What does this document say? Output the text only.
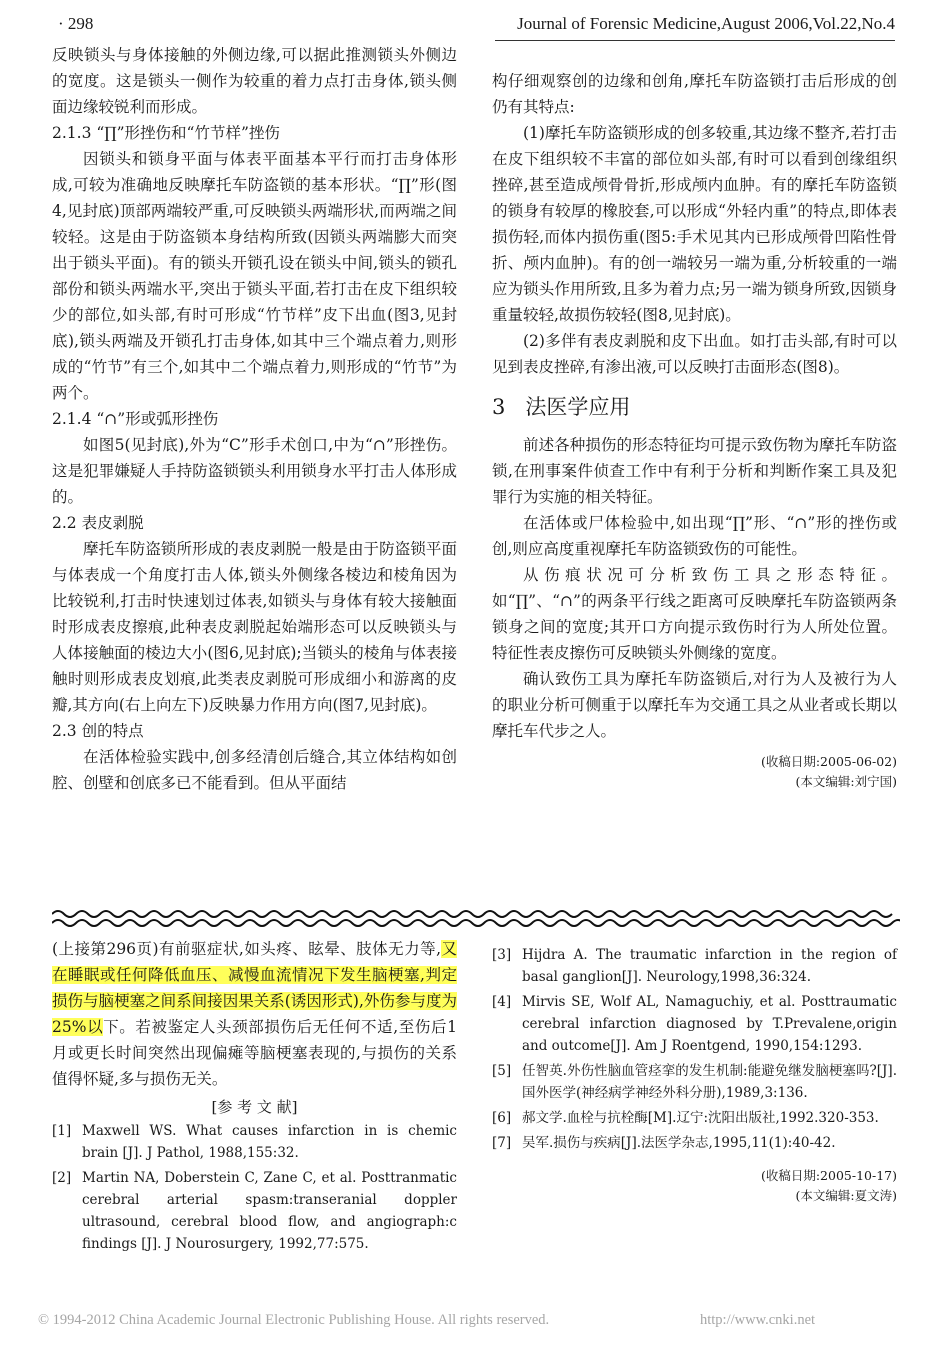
· 298	Journal of Forensic Medicine,August 2006,Vol.22,No.4

反映锁头与身体接触的外侧边缘,可以据此推测锁头外侧边的宽度。这是锁头一侧作为较重的着力点打击身体,锁头侧面边缘较锐利而形成。

2.1.3 “∏”形挫伤和“竹节样”挫伤

因锁头和锁身平面与体表平面基本平行而打击身体形成,可较为准确地反映摩托车防盗锁的基本形状。“∏”形(图4,见封底)顶部两端较严重,可反映锁头两端形状,而两端之间较轻。这是由于防盗锁本身结构所致(因锁头两端膨大而突出于锁头平面)。有的锁头开锁孔设在锁头中间,锁头的锁孔部份和锁头两端水平,突出于锁头平面,若打击在皮下组织较少的部位,如头部,有时可形成“竹节样”皮下出血(图3,见封底),锁头两端及开锁孔打击身体,如其中三个端点着力,则形成的“竹节”有三个,如其中二个端点着力,则形成的“竹节”为两个。

2.1.4 “∩”形或弧形挫伤

如图5(见封底),外为“C”形手术创口,中为“∩”形挫伤。这是犯罪嫌疑人手持防盗锁锁头利用锁身水平打击人体形成的。

2.2 表皮剥脱

摩托车防盗锁所形成的表皮剥脱一般是由于防盗锁平面与体表成一个角度打击人体,锁头外侧缘各棱边和棱角因为比较锐利,打击时快速划过体表,如锁头与身体有较大接触面时形成表皮擦痕,此种表皮剥脱起始端形态可以反映锁头与人体接触面的棱边大小(图6,见封底);当锁头的棱角与体表接触时则形成表皮划痕,此类表皮剥脱可形成细小和游离的皮瓣,其方向(右上向左下)反映暴力作用方向(图7,见封底)。

2.3 创的特点

在活体检验实践中,创多经清创后缝合,其立体结构如创腔、创壁和创底多已不能看到。但从平面结

构仔细观察创的边缘和创角,摩托车防盗锁打击后形成的创仍有其特点:

(1)摩托车防盗锁形成的创多较重,其边缘不整齐,若打击在皮下组织较不丰富的部位如头部,有时可以看到创缘组织挫碎,甚至造成颅骨骨折,形成颅内血肿。有的摩托车防盗锁的锁身有较厚的橡胶套,可以形成“外轻内重”的特点,即体表损伤轻,而体内损伤重(图5:手术见其内已形成颅骨凹陷性骨折、颅内血肿)。有的创一端较另一端为重,分析较重的一端应为锁头作用所致,且多为着力点;另一端为锁身所致,因锁身重量较轻,故损伤较轻(图8,见封底)。

(2)多伴有表皮剥脱和皮下出血。如打击头部,有时可以见到表皮挫碎,有渗出液,可以反映打击面形态(图8)。

3 法医学应用

前述各种损伤的形态特征均可提示致伤物为摩托车防盗锁,在刑事案件侦查工作中有利于分析和判断作案工具及犯罪行为实施的相关特征。

在活体或尸体检验中,如出现“∏”形、“∩”形的挫伤或创,则应高度重视摩托车防盗锁致伤的可能性。

从伤痕状况可分析致伤工具之形态特征。如“∏”、“∩”的两条平行线之距离可反映摩托车防盗锁两条锁身之间的宽度;其开口方向提示致伤时行为人所处位置。特征性表皮擦伤可反映锁头外侧缘的宽度。

确认致伤工具为摩托车防盗锁后,对行为人及被行为人的职业分析可侧重于以摩托车为交通工具之从业者或长期以摩托车代步之人。

(收稿日期:2005-06-02)
(本文编辑:刘宁国)

(上接第296页)有前驱症状,如头疼、眩晕、肢体无力等,又在睡眠或任何降低血压、减慢血流情况下发生脑梗塞,判定损伤与脑梗塞之间系间接因果关系(诱因形式),外伤参与度为25%以下。若被鉴定人头颈部损伤后无任何不适,至伤后1月或更长时间突然出现偏瘫等脑梗塞表现的,与损伤的关系值得怀疑,多与损伤无关。

[参 考 文 献]
[1] Maxwell WS. What causes infarction in is chemic brain [J]. J Pathol, 1988,155:32.
[2] Martin NA, Doberstein C, Zane C, et al. Posttranmatic cerebral arterial spasm:transeranial doppler ultrasound, cerebral blood flow, and angiograph:c findings [J]. J Nourosurgery, 1992,77:575.
[3] Hijdra A. The traumatic infarction in the region of basal ganglion[J]. Neurology,1998,36:324.
[4] Mirvis SE, Wolf AL, Namaguchiy, et al. Posttraumatic cerebral infarction diagnosed by T.Prevalene,origin and outcome[J]. Am J Roentgend, 1990,154:1293.
[5] 任智英.外伤性脑血管痉挛的发生机制:能避免继发脑梗塞吗?[J].国外医学(神经病学神经外科分册),1989,3:136.
[6] 郝文学.血栓与抗栓酶[M].辽宁:沈阳出版社,1992.320-353.
[7] 吴军.损伤与疾病[J].法医学杂志,1995,11(1):40-42.
(收稿日期:2005-10-17)
(本文编辑:夏文涛)
© 1994-2012 China Academic Journal Electronic Publishing House. All rights reserved.	http://www.cnki.net
